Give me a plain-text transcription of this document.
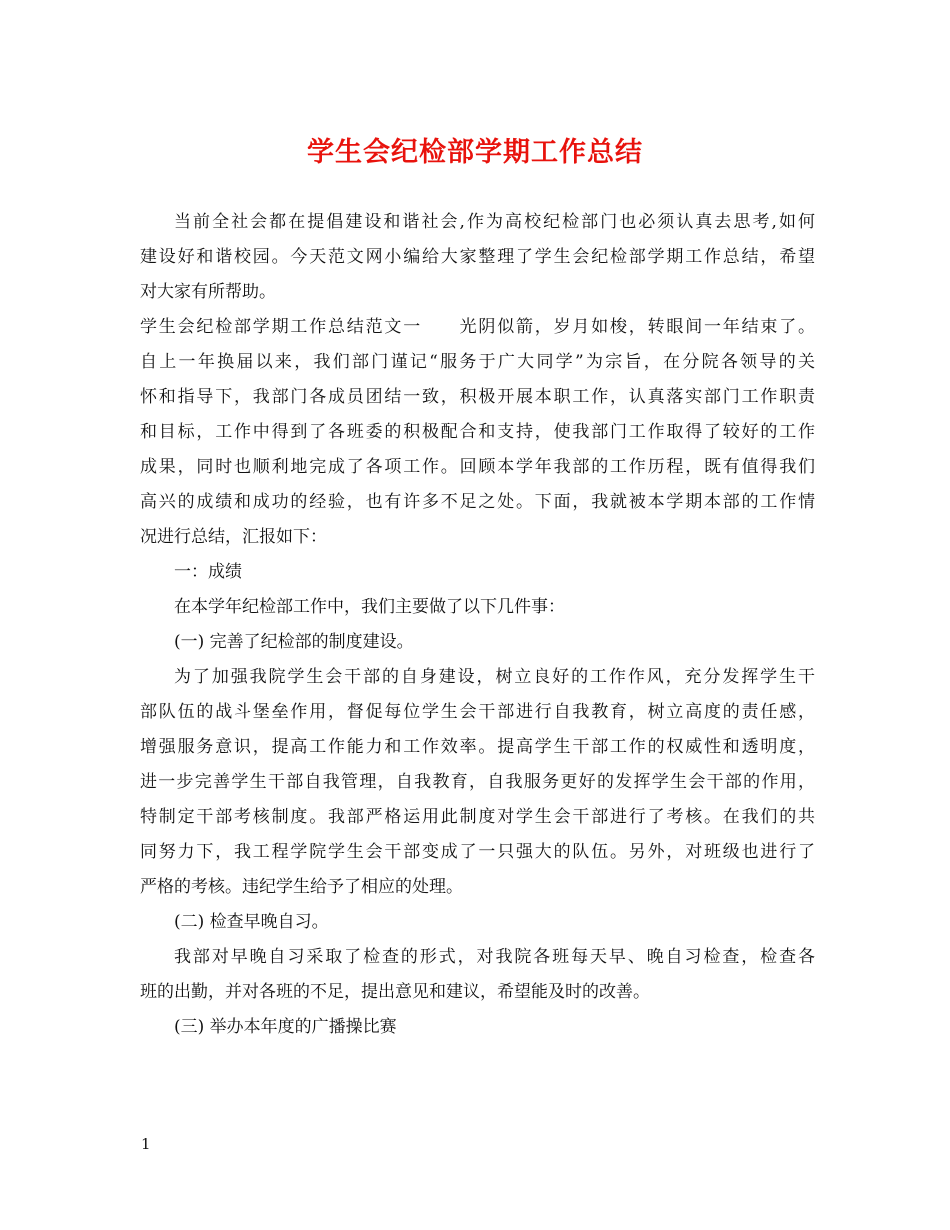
学生会纪检部学期工作总结
当前全社会都在提倡建设和谐社会,作为高校纪检部门也必须认真去思考,如何
建设好和谐校园。今天范文网小编给大家整理了学生会纪检部学期工作总结，希望
对大家有所帮助。
学生会纪检部学期工作总结范文一　　光阴似箭，岁月如梭，转眼间一年结束了。
自上一年换届以来，我们部门谨记“服务于广大同学”为宗旨，在分院各领导的关
怀和指导下，我部门各成员团结一致，积极开展本职工作，认真落实部门工作职责
和目标，工作中得到了各班委的积极配合和支持，使我部门工作取得了较好的工作
成果，同时也顺利地完成了各项工作。回顾本学年我部的工作历程，既有值得我们
高兴的成绩和成功的经验，也有许多不足之处。下面，我就被本学期本部的工作情
况进行总结，汇报如下：
一：成绩
在本学年纪检部工作中，我们主要做了以下几件事：
(一) 完善了纪检部的制度建设。
为了加强我院学生会干部的自身建设，树立良好的工作作风，充分发挥学生干
部队伍的战斗堡垒作用，督促每位学生会干部进行自我教育，树立高度的责任感，
增强服务意识，提高工作能力和工作效率。提高学生干部工作的权威性和透明度，
进一步完善学生干部自我管理，自我教育，自我服务更好的发挥学生会干部的作用，
特制定干部考核制度。我部严格运用此制度对学生会干部进行了考核。在我们的共
同努力下，我工程学院学生会干部变成了一只强大的队伍。另外，对班级也进行了
严格的考核。违纪学生给予了相应的处理。
(二) 检查早晚自习。
我部对早晚自习采取了检查的形式，对我院各班每天早、晚自习检查，检查各
班的出勤，并对各班的不足，提出意见和建议，希望能及时的改善。
(三) 举办本年度的广播操比赛
1
